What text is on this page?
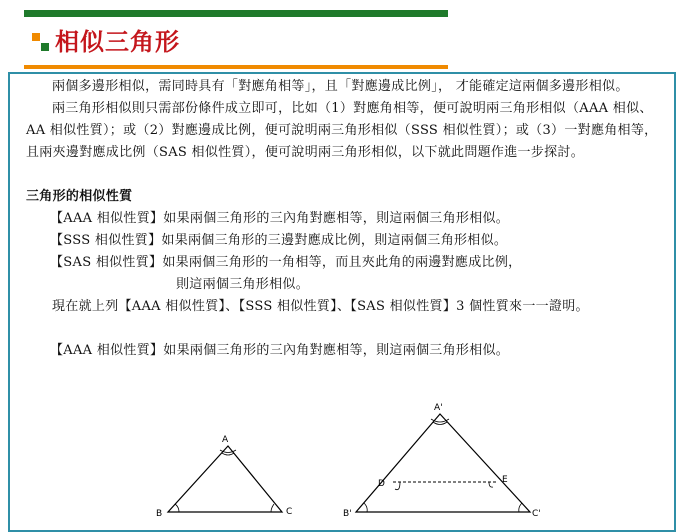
相似三角形

兩個多邊形相似，需同時具有「對應角相等」，且「對應邊成比例」， 才能確定這兩個多邊形相似。

兩三角形相似則只需部份條件成立即可，比如（1）對應角相等，便可說明兩三角形相似（AAA 相似、AA 相似性質）；或（2）對應邊成比例，便可說明兩三角形相似（SSS 相似性質）；或（3）一對應角相等，且兩夾邊對應成比例（SAS 相似性質），便可說明兩三角形相似，以下就此問題作進一步探討。

三角形的相似性質

【AAA 相似性質】如果兩個三角形的三內角對應相等，則這兩個三角形相似。

【SSS 相似性質】如果兩個三角形的三邊對應成比例，則這兩個三角形相似。

【SAS 相似性質】如果兩個三角形的一角相等，而且夾此角的兩邊對應成比例，

則這兩個三角形相似。

現在就上列【AAA 相似性質】、【SSS 相似性質】、【SAS 相似性質】3 個性質來一一證明。

【AAA 相似性質】如果兩個三角形的三內角對應相等，則這兩個三角形相似。

A
B	C
A'
B'	C'
D	E
